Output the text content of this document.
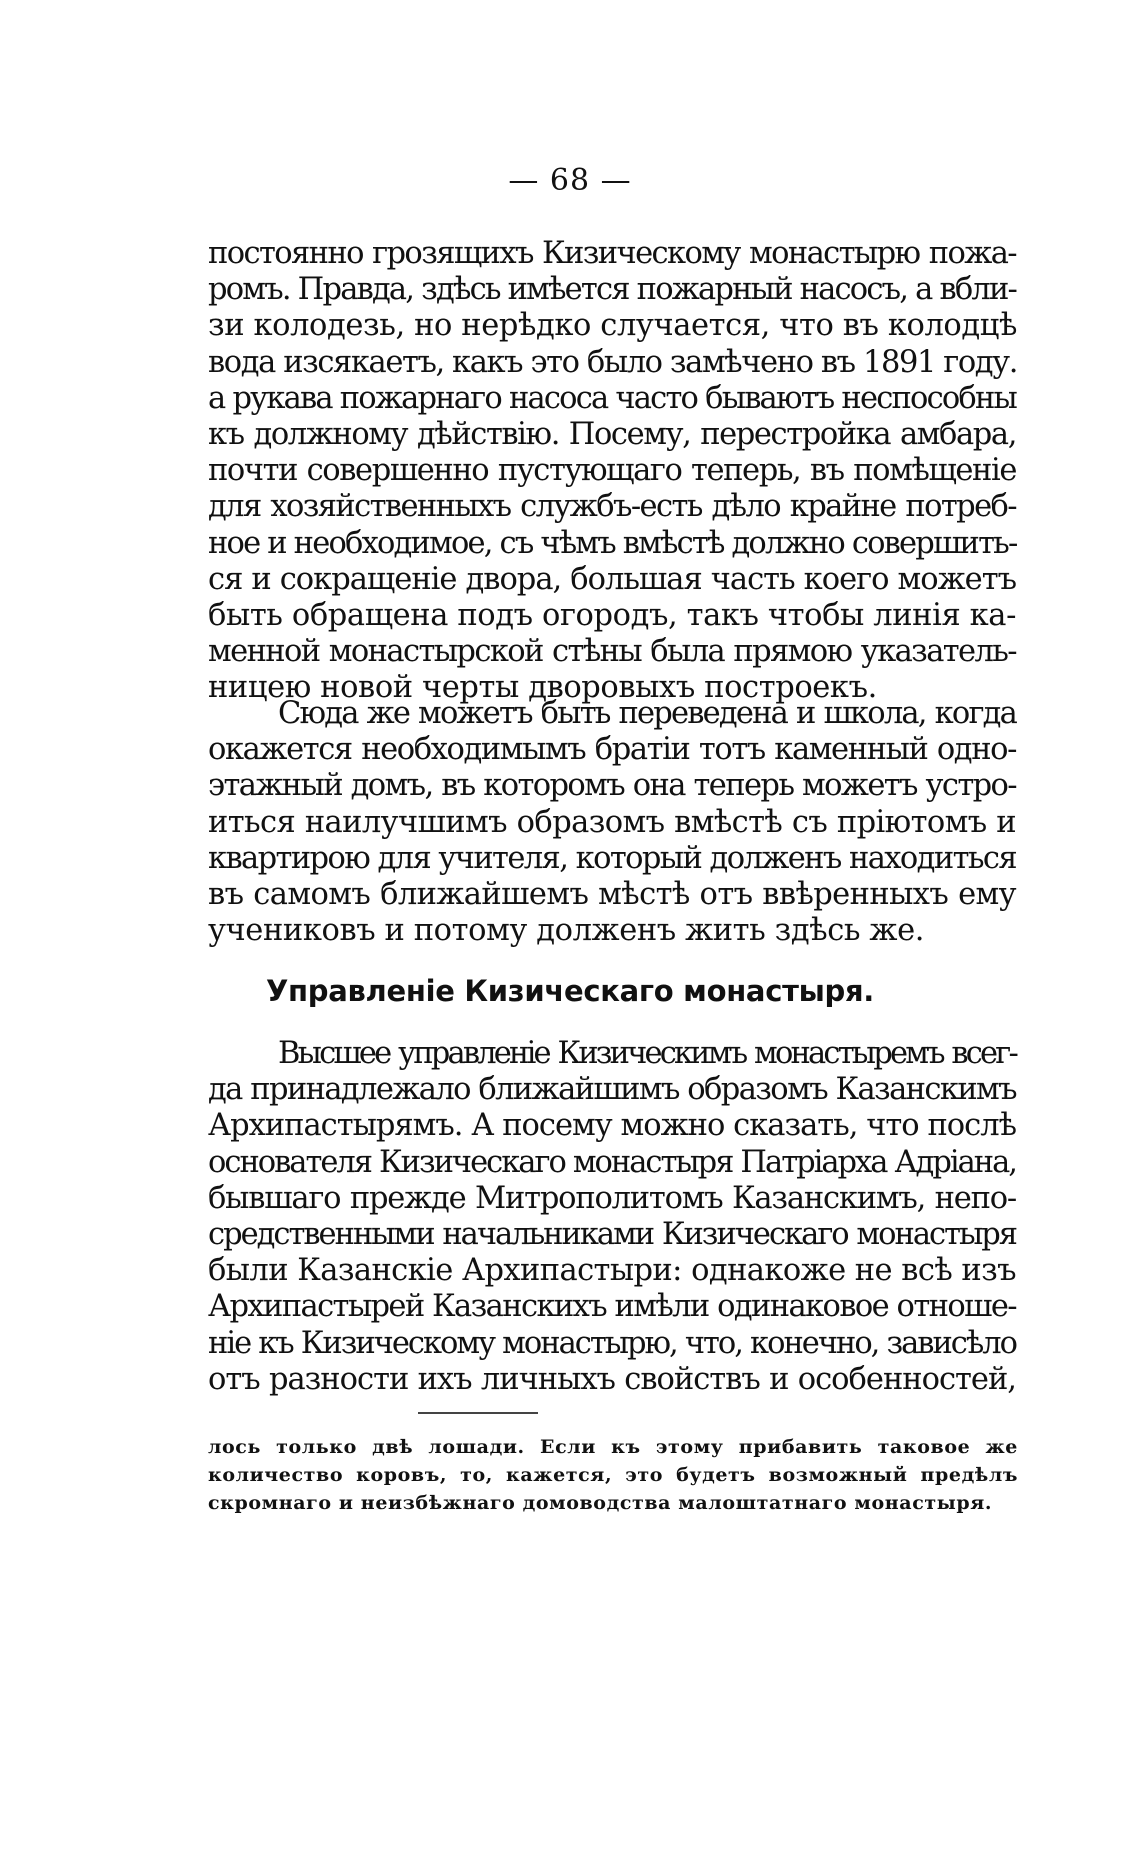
— 68 —
постоянно грозящихъ Кизическому монастырю пожа-
ромъ. Правда, здѣсь имѣется пожарный насосъ, а вбли-
зи колодезь, но нерѣдко случается, что въ колодцѣ
вода изсякаетъ, какъ это было замѣчено въ 1891 году.
а рукава пожарнаго насоса часто бываютъ неспособны
къ должному дѣйствію. Посему, перестройка амбара,
почти совершенно пустующаго теперь, въ помѣщеніе
для хозяйственныхъ службъ-есть дѣло крайне потреб-
ное и необходимое, съ чѣмъ вмѣстѣ должно совершить-
ся и сокращеніе двора, большая часть коего можетъ
быть обращена подъ огородъ, такъ чтобы линія ка-
менной монастырской стѣны была прямою указатель-
ницею новой черты дворовыхъ построекъ.
Сюда же можетъ быть переведена и школа, когда
окажется необходимымъ братіи тотъ каменный одно-
этажный домъ, въ которомъ она теперь можетъ устро-
иться наилучшимъ образомъ вмѣстѣ съ пріютомъ и
квартирою для учителя, который долженъ находиться
въ самомъ ближайшемъ мѣстѣ отъ ввѣренныхъ ему
учениковъ и потому долженъ жить здѣсь же.
Управленіе Кизическаго монастыря.
Высшее управленіе Кизическимъ монастыремъ всег-
да принадлежало ближайшимъ образомъ Казанскимъ
Архипастырямъ. А посему можно сказать, что послѣ
основателя Кизическаго монастыря Патріарха Адріана,
бывшаго прежде Митрополитомъ Казанскимъ, непо-
средственными начальниками Кизическаго монастыря
были Казанскіе Архипастыри: однакоже не всѣ изъ
Архипастырей Казанскихъ имѣли одинаковое отноше-
ніе къ Кизическому монастырю, что, конечно, зависѣло
отъ разности ихъ личныхъ свойствъ и особенностей,
лось только двѣ лошади. Если къ этому прибавить таковое же
количество коровъ, то, кажется, это будетъ возможный предѣлъ
скромнаго и неизбѣжнаго домоводства малоштатнаго монастыря.
